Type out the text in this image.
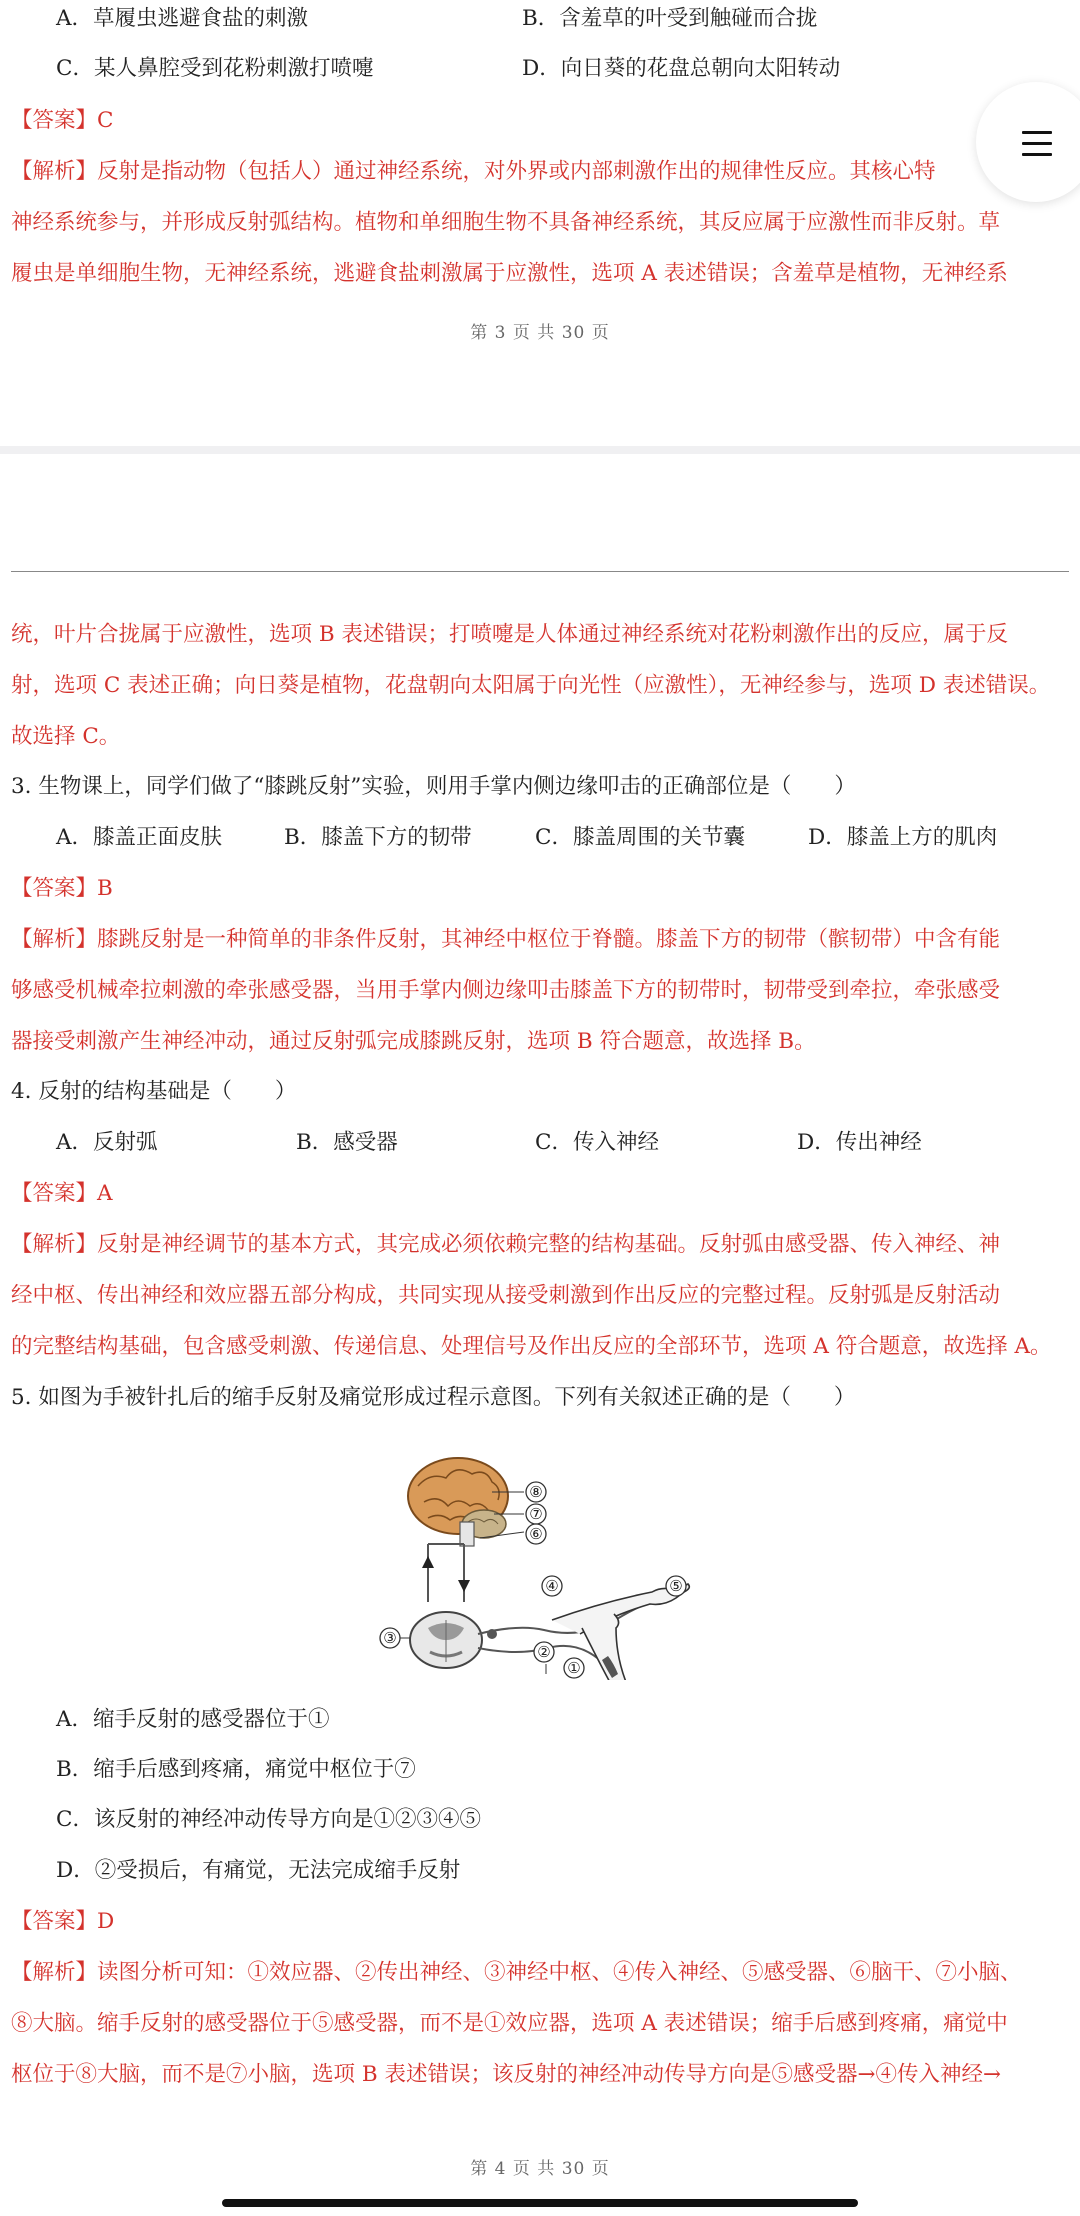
A．草履虫逃避食盐的刺激	B．含羞草的叶受到触碰而合拢
C．某人鼻腔受到花粉刺激打喷嚏	D．向日葵的花盘总朝向太阳转动
【答案】C
【解析】反射是指动物（包括人）通过神经系统，对外界或内部刺激作出的规律性反应。其核心特
神经系统参与，并形成反射弧结构。植物和单细胞生物不具备神经系统，其反应属于应激性而非反射。草
履虫是单细胞生物，无神经系统，逃避食盐刺激属于应激性，选项 A 表述错误；含羞草是植物，无神经系
第 3 页 共 30 页
统，叶片合拢属于应激性，选项 B 表述错误；打喷嚏是人体通过神经系统对花粉刺激作出的反应，属于反
射，选项 C 表述正确；向日葵是植物，花盘朝向太阳属于向光性（应激性），无神经参与，选项 D 表述错误。
故选择 C。
3. 生物课上，同学们做了“膝跳反射”实验，则用手掌内侧边缘叩击的正确部位是（　　）
A．膝盖正面皮肤	B．膝盖下方的韧带	C．膝盖周围的关节囊	D．膝盖上方的肌肉
【答案】B
【解析】膝跳反射是一种简单的非条件反射，其神经中枢位于脊髓。膝盖下方的韧带（髌韧带）中含有能
够感受机械牵拉刺激的牵张感受器，当用手掌内侧边缘叩击膝盖下方的韧带时，韧带受到牵拉，牵张感受
器接受刺激产生神经冲动，通过反射弧完成膝跳反射，选项 B 符合题意，故选择 B。
4. 反射的结构基础是（　　）
A．反射弧	B．感受器	C．传入神经	D．传出神经
【答案】A
【解析】反射是神经调节的基本方式，其完成必须依赖完整的结构基础。反射弧由感受器、传入神经、神
经中枢、传出神经和效应器五部分构成，共同实现从接受刺激到作出反应的完整过程。反射弧是反射活动
的完整结构基础，包含感受刺激、传递信息、处理信号及作出反应的全部环节，选项 A 符合题意，故选择 A。
5. 如图为手被针扎后的缩手反射及痛觉形成过程示意图。下列有关叙述正确的是（　　）
⑧
⑦
⑥
④	⑤
③
②
①
A．缩手反射的感受器位于①
B．缩手后感到疼痛，痛觉中枢位于⑦
C．该反射的神经冲动传导方向是①②③④⑤
D．②受损后，有痛觉，无法完成缩手反射
【答案】D
【解析】读图分析可知：①效应器、②传出神经、③神经中枢、④传入神经、⑤感受器、⑥脑干、⑦小脑、
⑧大脑。缩手反射的感受器位于⑤感受器，而不是①效应器，选项 A 表述错误；缩手后感到疼痛，痛觉中
枢位于⑧大脑，而不是⑦小脑，选项 B 表述错误；该反射的神经冲动传导方向是⑤感受器→④传入神经→
第 4 页 共 30 页
